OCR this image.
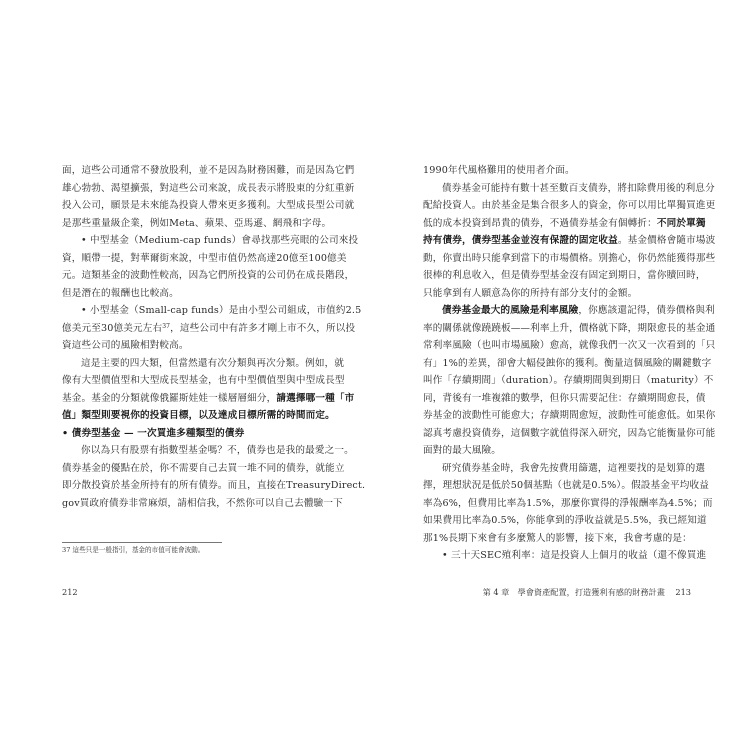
面，這些公司通常不發放股利，並不是因為財務困難，而是因為它們
雄心勃勃、渴望擴張，對這些公司來說，成長表示將股東的分紅重新
投入公司，願景是未來能為投資人帶來更多獲利。大型成長型公司就
是那些重量級企業，例如Meta、蘋果、亞馬遜、網飛和字母。
• 中型基金（Medium-cap funds）會尋找那些亮眼的公司來投
資，順帶一提，對華爾街來說，中型市值仍然高達20億至100億美
元。這類基金的波動性較高，因為它們所投資的公司仍在成長階段，
但是潛在的報酬也比較高。
• 小型基金（Small-cap funds）是由小型公司組成，市值約2.5
億美元至30億美元左右$^{37}$，這些公司中有許多才剛上市不久，所以投
資這些公司的風險相對較高。
這是主要的四大類，但當然還有次分類與再次分類。例如，就
像有大型價值型和大型成長型基金，也有中型價值型與中型成長型
基金。基金的分類就像俄羅斯娃娃一樣層層細分，請選擇哪一種「市
值」類型則要視你的投資目標，以及達成目標所需的時間而定。
• 債券型基金 — 一次買進多種類型的債券
你以為只有股票有指數型基金嗎？不，債券也是我的最愛之一。
債券基金的優點在於，你不需要自己去買一堆不同的債券，就能立
即分散投資於基金所持有的所有債券。而且，直接在TreasuryDirect.
gov買政府債券非常麻煩，請相信我，不然你可以自己去體驗一下
1990年代風格難用的使用者介面。
債券基金可能持有數十甚至數百支債券，將扣除費用後的利息分
配給投資人。由於基金是集合很多人的資金，你可以用比單獨買進更
低的成本投資到昂貴的債券，不過債券基金有個轉折：不同於單獨
持有債券，債券型基金並沒有保證的固定收益。基金價格會隨市場波
動，你賣出時只能拿到當下的市場價格。別擔心，你仍然能獲得那些
很棒的利息收入，但是債券型基金沒有固定到期日，當你贖回時，
只能拿到有人願意為你的所持有部分支付的金額。
債券基金最大的風險是利率風險，你應該還記得，債券價格與利
率的關係就像蹺蹺板——利率上升，價格就下降，期限愈長的基金通
常利率風險（也叫市場風險）愈高，就像我們一次又一次看到的「只
有」1%的差異，卻會大幅侵蝕你的獲利。衡量這個風險的關鍵數字
叫作「存續期間」（duration）。存續期間與到期日（maturity）不
同，背後有一堆複雜的數學，但你只需要記住：存續期間愈長，債
券基金的波動性可能愈大；存續期間愈短，波動性可能愈低。如果你
認真考慮投資債券，這個數字就值得深入研究，因為它能衡量你可能
面對的最大風險。
研究債券基金時，我會先按費用篩選，這裡要找的是划算的選
擇，理想狀況是低於50個基點（也就是0.5%）。假設基金平均收益
率為6%，但費用比率為1.5%，那麼你實得的淨報酬率為4.5%；而
如果費用比率為0.5%，你能拿到的淨收益就是5.5%，我已經知道
那1%長期下來會有多麼驚人的影響，接下來，我會考慮的是：
• 三十天SEC殖利率：這是投資人上個月的收益（還不像買進
37 這些只是一般指引，基金的市值可能會波動。
212	第 4 章　學會資產配置，打造獲利有感的財務計畫 213
